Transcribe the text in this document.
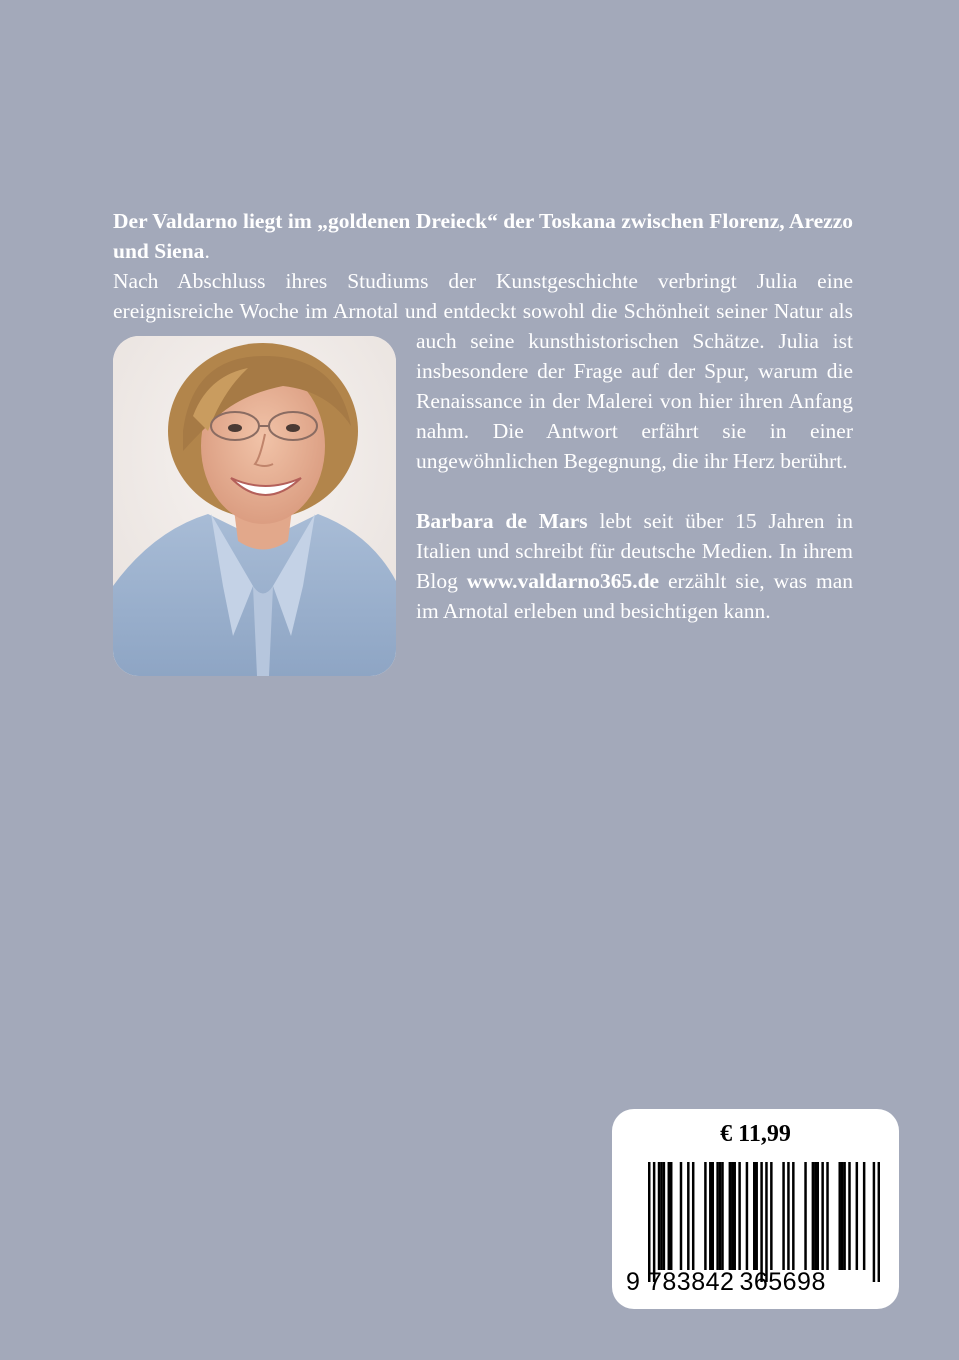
Der Valdarno liegt im „goldenen Dreieck“ der Toskana zwischen Florenz, Arezzo und Siena.

Nach Abschluss ihres Studiums der Kunstgeschichte verbringt Julia eine ereignisreiche Woche im Arnotal und entdeckt sowohl die Schönheit seiner
Natur als auch seine kunsthistorischen Schätze. Julia ist insbesondere der Frage auf der Spur, warum die Renaissance in der Malerei von hier ihren Anfang nahm. Die Antwort erfährt sie in einer ungewöhnlichen Begegnung, die ihr Herz berührt.

Barbara de Mars lebt seit über 15 Jahren in Italien und schreibt für deutsche Medien. In ihrem Blog www.valdarno365.de erzählt sie, was man im Arnotal erleben und besichtigen kann.

€ 11,99
9 783842 365698
